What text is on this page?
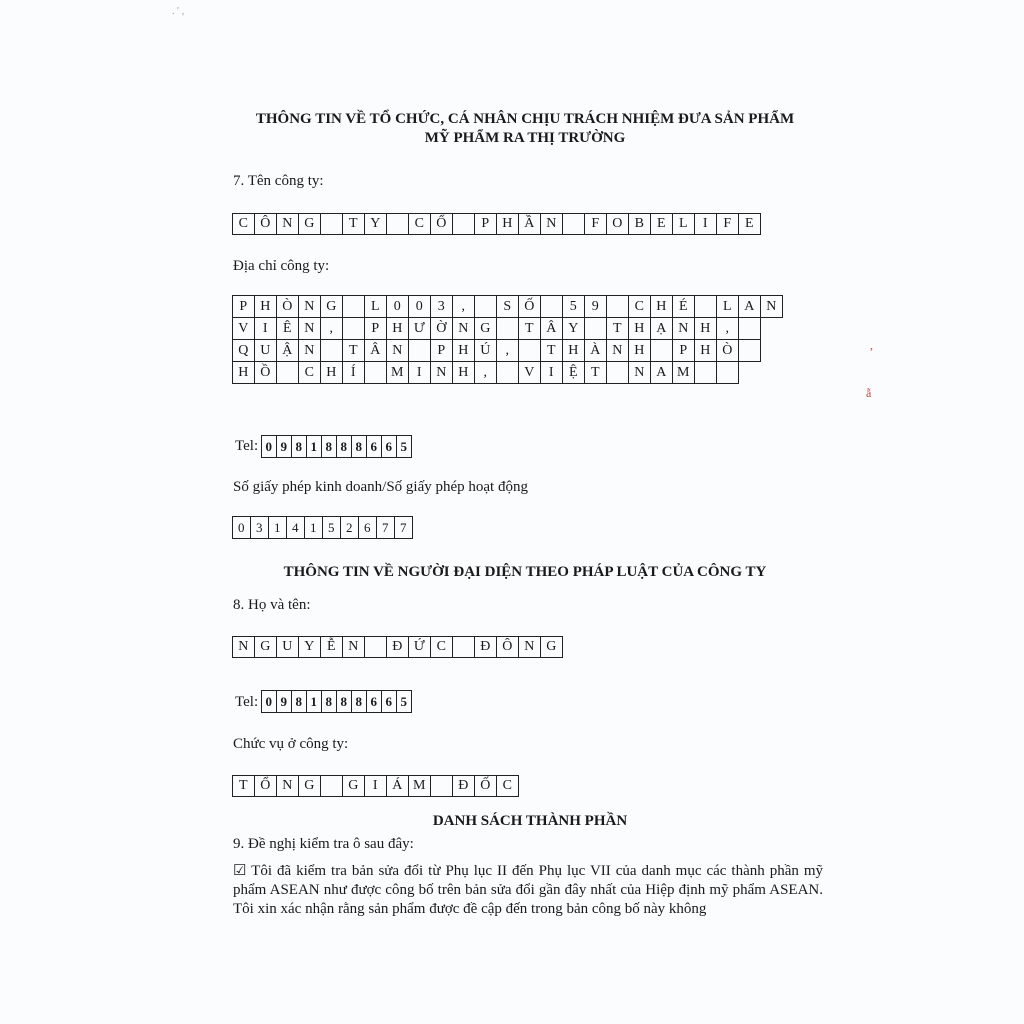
THÔNG TIN VỀ TỔ CHỨC, CÁ NHÂN CHỊU TRÁCH NHIỆM ĐƯA SẢN PHẨM
MỸ PHẨM RA THỊ TRƯỜNG
7. Tên công ty:
C Ô N G	T Y	C Ổ	P H Ầ N	F O B E L	I	F E
Địa chỉ công ty:
P H Ò N G	L 0	0	3	,	S Ố	5	9	C H É	L A N
V	I	Ê N	,	P H Ư Ờ N G	T Â Y	T H Ạ N H	,
Q U Ậ N	T Â N	P H Ú	,	T H À N H	P H Ò
H Ồ	C H	Í	M I	N H	,	V	I	Ệ T	N A M
Tel: 0 9 8 1 8 8 8 6 6 5
Số giấy phép kinh doanh/Số giấy phép hoạt động
0 3 1 4 1 5 2 6 7 7
THÔNG TIN VỀ NGƯỜI ĐẠI DIỆN THEO PHÁP LUẬT CỦA CÔNG TY
8. Họ và tên:
N G U Y Ễ N	Đ Ứ C	Đ Ô N G
Tel: 0 9 8 1 8 8 8 6 6 5
Chức vụ ở công ty:
T Ổ N G	G	I	Á M	Đ Ố C
DANH SÁCH THÀNH PHẦN
9. Đề nghị kiểm tra ô sau đây:
☑ Tôi đã kiểm tra bản sửa đổi từ Phụ lục II đến Phụ lục VII của danh mục các thành phần mỹ phẩm ASEAN như được công bố trên bản sửa đổi gần đây nhất của Hiệp định mỹ phẩm ASEAN. Tôi xin xác nhận rằng sản phẩm được đề cập đến trong bản công bố này không
,
ẫ
. ′ ,
